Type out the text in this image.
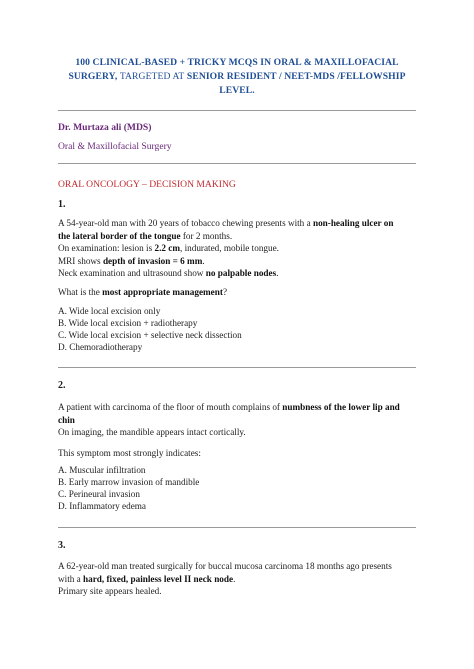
100 CLINICAL-BASED + TRICKY MCQS IN ORAL & MAXILLOFACIAL
SURGERY, TARGETED AT SENIOR RESIDENT / NEET-MDS /FELLOWSHIP
LEVEL.
Dr. Murtaza ali (MDS)
Oral & Maxillofacial Surgery
ORAL ONCOLOGY – DECISION MAKING
1.
A 54-year-old man with 20 years of tobacco chewing presents with a non-healing ulcer on
the lateral border of the tongue for 2 months.
On examination: lesion is 2.2 cm, indurated, mobile tongue.
MRI shows depth of invasion = 6 mm.
Neck examination and ultrasound show no palpable nodes.
What is the most appropriate management?
A. Wide local excision only
B. Wide local excision + radiotherapy
C. Wide local excision + selective neck dissection
D. Chemoradiotherapy
2.
A patient with carcinoma of the floor of mouth complains of numbness of the lower lip and
chin
On imaging, the mandible appears intact cortically.
This symptom most strongly indicates:
A. Muscular infiltration
B. Early marrow invasion of mandible
C. Perineural invasion
D. Inflammatory edema
3.
A 62-year-old man treated surgically for buccal mucosa carcinoma 18 months ago presents
with a hard, fixed, painless level II neck node.
Primary site appears healed.
